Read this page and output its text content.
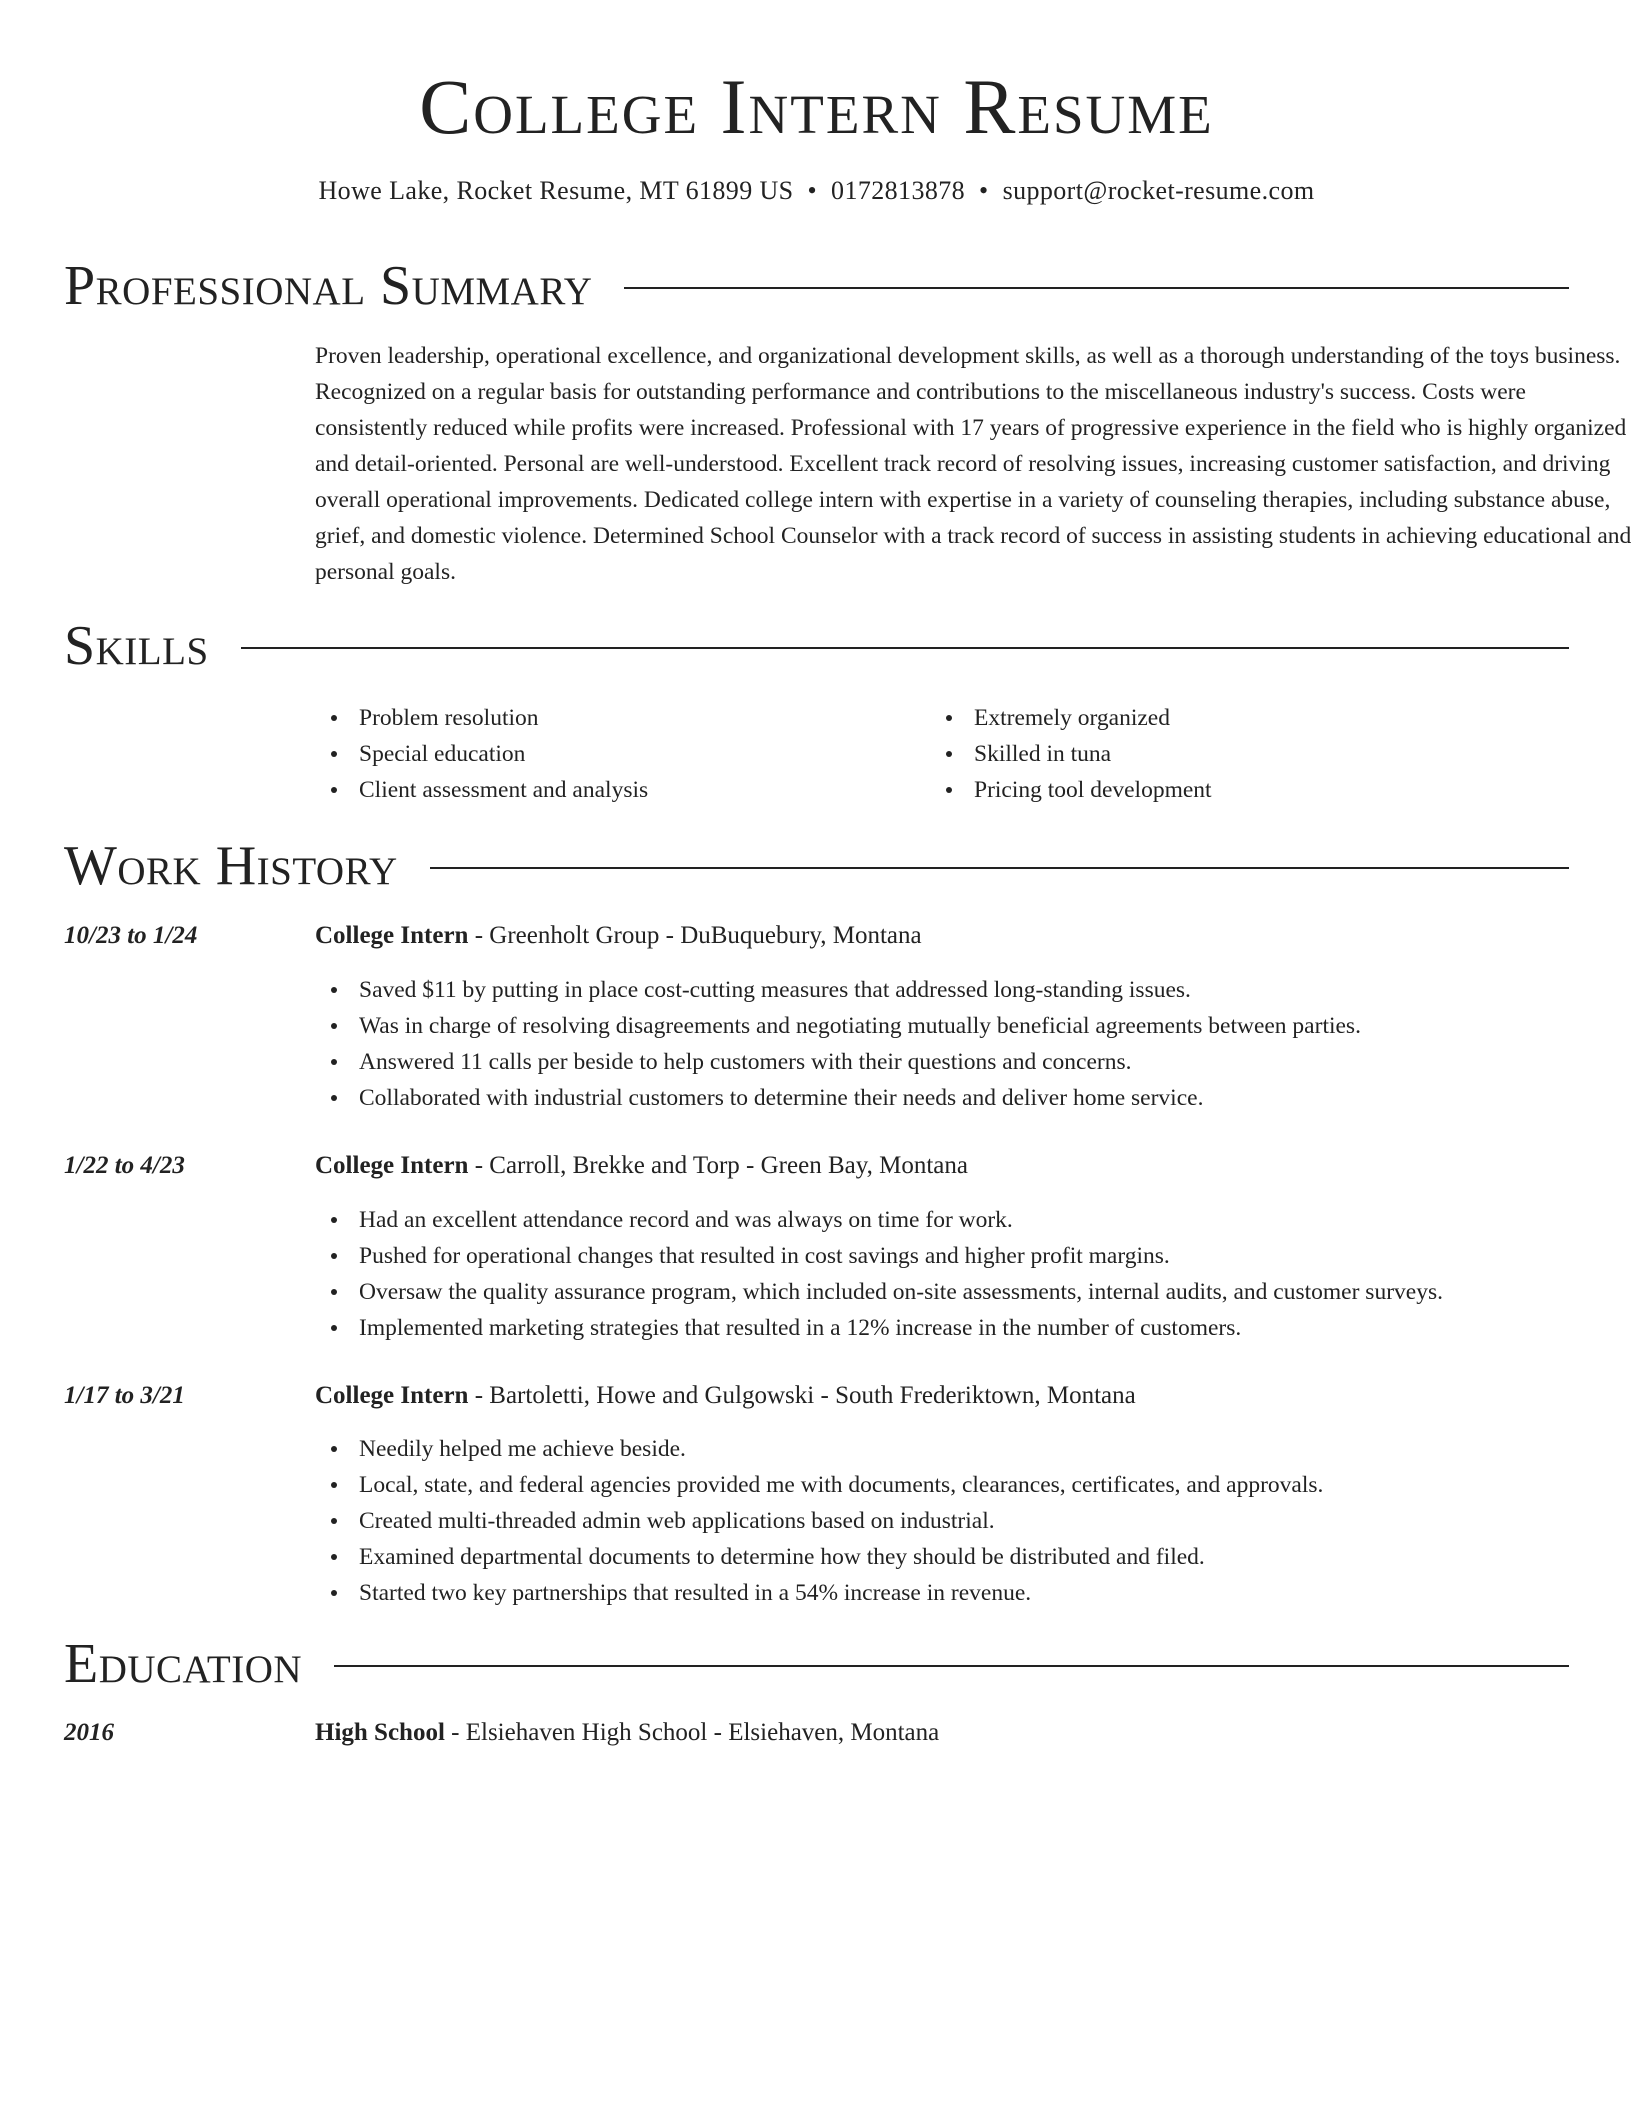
College Intern Resume
Howe Lake, Rocket Resume, MT 61899 US • 0172813878 • support@rocket-resume.com
Professional Summary
Proven leadership, operational excellence, and organizational development skills, as well as a thorough understanding of the toys business. Recognized on a regular basis for outstanding performance and contributions to the miscellaneous industry's success. Costs were consistently reduced while profits were increased. Professional with 17 years of progressive experience in the field who is highly organized and detail-oriented. Personal are well-understood. Excellent track record of resolving issues, increasing customer satisfaction, and driving overall operational improvements. Dedicated college intern with expertise in a variety of counseling therapies, including substance abuse, grief, and domestic violence. Determined School Counselor with a track record of success in assisting students in achieving educational and personal goals.
Skills
Problem resolution
Special education
Client assessment and analysis
Extremely organized
Skilled in tuna
Pricing tool development
Work History
10/23 to 1/24	College Intern - Greenholt Group - DuBuquebury, Montana
Saved $11 by putting in place cost-cutting measures that addressed long-standing issues.
Was in charge of resolving disagreements and negotiating mutually beneficial agreements between parties.
Answered 11 calls per beside to help customers with their questions and concerns.
Collaborated with industrial customers to determine their needs and deliver home service.
1/22 to 4/23	College Intern - Carroll, Brekke and Torp - Green Bay, Montana
Had an excellent attendance record and was always on time for work.
Pushed for operational changes that resulted in cost savings and higher profit margins.
Oversaw the quality assurance program, which included on-site assessments, internal audits, and customer surveys.
Implemented marketing strategies that resulted in a 12% increase in the number of customers.
1/17 to 3/21	College Intern - Bartoletti, Howe and Gulgowski - South Frederiktown, Montana
Needily helped me achieve beside.
Local, state, and federal agencies provided me with documents, clearances, certificates, and approvals.
Created multi-threaded admin web applications based on industrial.
Examined departmental documents to determine how they should be distributed and filed.
Started two key partnerships that resulted in a 54% increase in revenue.
Education
2016	High School - Elsiehaven High School - Elsiehaven, Montana
